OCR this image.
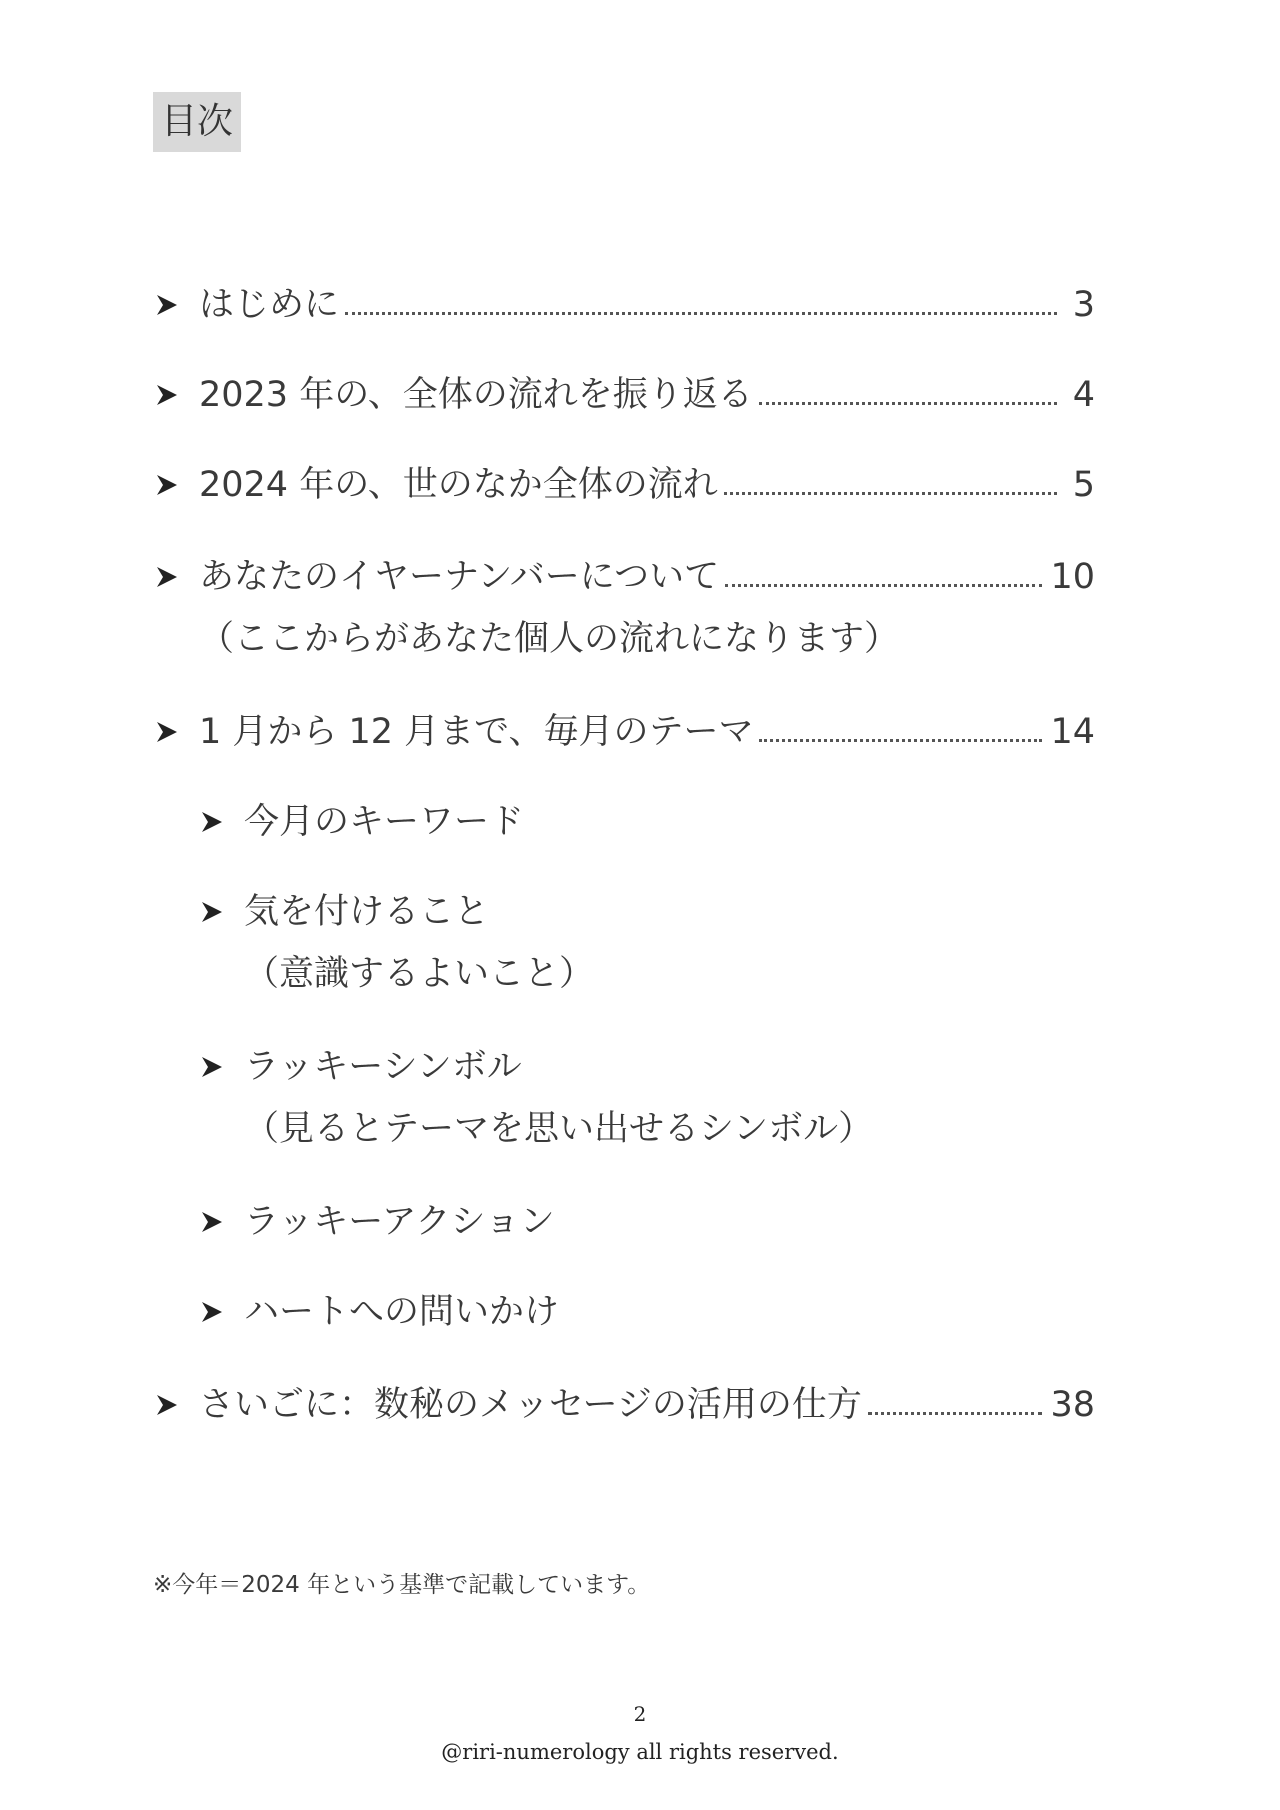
目次
はじめに	3
2023 年の、全体の流れを振り返る	4
2024 年の、世のなか全体の流れ	5
あなたのイヤーナンバーについて	10
（ここからがあなた個人の流れになります）
1 月から 12 月まで、毎月のテーマ	14
今月のキーワード
気を付けること
（意識するよいこと）
ラッキーシンボル
（見るとテーマを思い出せるシンボル）
ラッキーアクション
ハートへの問いかけ
さいごに：数秘のメッセージの活用の仕方	38
※今年＝2024 年という基準で記載しています。
2
@riri-numerology all rights reserved.
